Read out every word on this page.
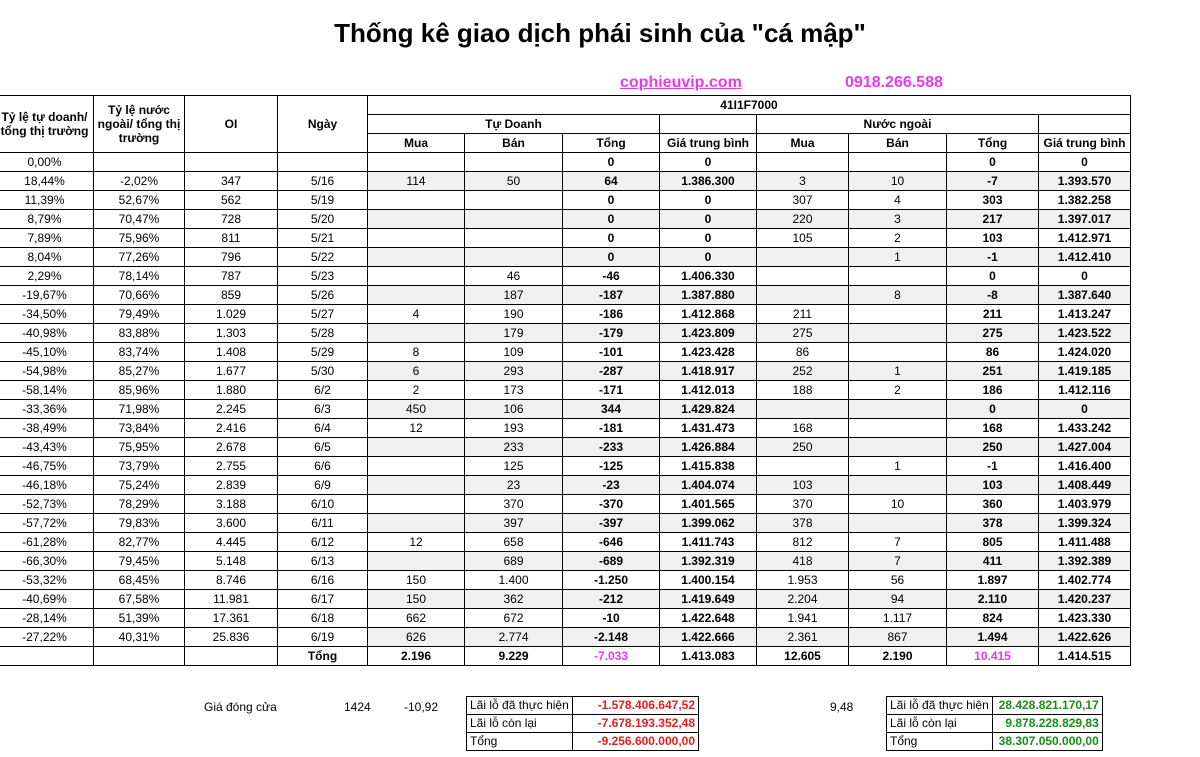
Thống kê giao dịch phái sinh của "cá mập"
cophieuvip.com	0918.266.588
Tỷ lệ tự doanh/ tổng thị trường	Tỷ lệ nước ngoài/ tổng thị trường	OI	Ngày	41I1F7000							
				Tự Doanh				Nước ngoài			
				Mua	Bán	Tổng	Giá trung bình	Mua	Bán	Tổng	Giá trung bình
0,00%						0	0			0	0
18,44%	-2,02%	347	5/16	114	50	64	1.386.300	3	10	-7	1.393.570
11,39%	52,67%	562	5/19			0	0	307	4	303	1.382.258
8,79%	70,47%	728	5/20			0	0	220	3	217	1.397.017
7,89%	75,96%	811	5/21			0	0	105	2	103	1.412.971
8,04%	77,26%	796	5/22			0	0		1	-1	1.412.410
2,29%	78,14%	787	5/23		46	-46	1.406.330			0	0
-19,67%	70,66%	859	5/26		187	-187	1.387.880		8	-8	1.387.640
-34,50%	79,49%	1.029	5/27	4	190	-186	1.412.868	211		211	1.413.247
-40,98%	83,88%	1.303	5/28		179	-179	1.423.809	275		275	1.423.522
-45,10%	83,74%	1.408	5/29	8	109	-101	1.423.428	86		86	1.424.020
-54,98%	85,27%	1.677	5/30	6	293	-287	1.418.917	252	1	251	1.419.185
-58,14%	85,96%	1.880	6/2	2	173	-171	1.412.013	188	2	186	1.412.116
-33,36%	71,98%	2.245	6/3	450	106	344	1.429.824			0	0
-38,49%	73,84%	2.416	6/4	12	193	-181	1.431.473	168		168	1.433.242
-43,43%	75,95%	2.678	6/5		233	-233	1.426.884	250		250	1.427.004
-46,75%	73,79%	2.755	6/6		125	-125	1.415.838		1	-1	1.416.400
-46,18%	75,24%	2.839	6/9		23	-23	1.404.074	103		103	1.408.449
-52,73%	78,29%	3.188	6/10		370	-370	1.401.565	370	10	360	1.403.979
-57,72%	79,83%	3.600	6/11		397	-397	1.399.062	378		378	1.399.324
-61,28%	82,77%	4.445	6/12	12	658	-646	1.411.743	812	7	805	1.411.488
-66,30%	79,45%	5.148	6/13		689	-689	1.392.319	418	7	411	1.392.389
-53,32%	68,45%	8.746	6/16	150	1.400	-1.250	1.400.154	1.953	56	1.897	1.402.774
-40,69%	67,58%	11.981	6/17	150	362	-212	1.419.649	2.204	94	2.110	1.420.237
-28,14%	51,39%	17.361	6/18	662	672	-10	1.422.648	1.941	1.117	824	1.423.330
-27,22%	40,31%	25.836	6/19	626	2.774	-2.148	1.422.666	2.361	867	1.494	1.422.626
			Tổng	2.196	9.229	-7.033	1.413.083	12.605	2.190	10.415	1.414.515
Giá đóng cửa	1424	-10,92	9,48
Lãi lỗ đã thực hiện	-1.578.406.647,52
Lãi lỗ còn lại	-7.678.193.352,48
Tổng	-9.256.600.000,00
Lãi lỗ đã thực hiện	28.428.821.170,17
Lãi lỗ còn lại	9.878.228.829,83
Tổng	38.307.050.000,00
